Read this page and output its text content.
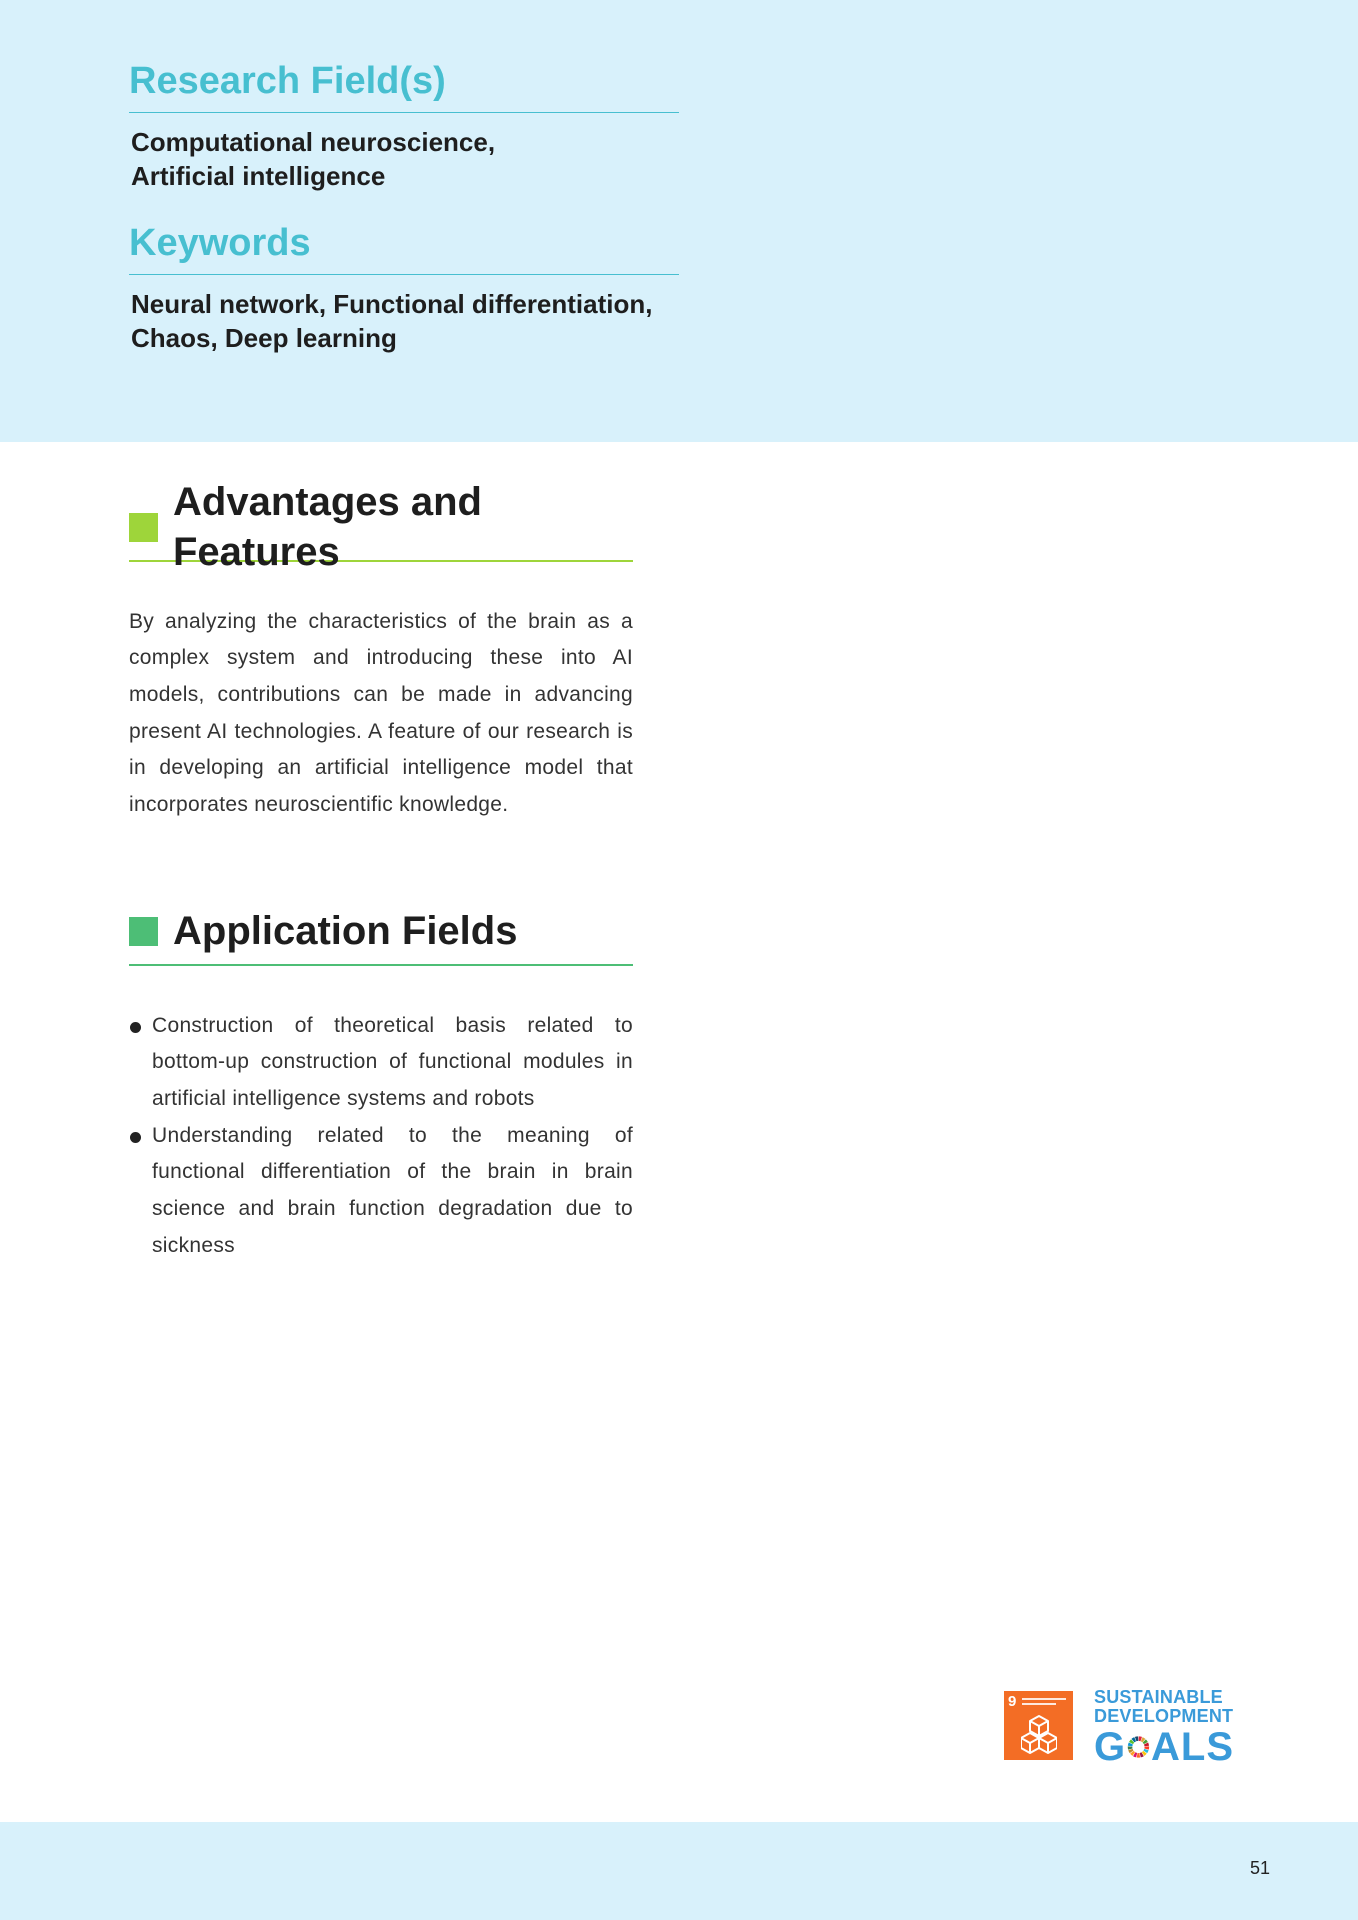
Research Field(s)
Computational neuroscience,
Artificial intelligence
Keywords
Neural network, Functional differentiation,
Chaos, Deep learning
Advantages and Features
By analyzing the characteristics of the brain as a complex system and introducing these into AI models, contributions can be made in advancing present AI technologies. A feature of our research is in developing an artificial intelligence model that incorporates neuroscientific knowledge.
Application Fields
Construction of theoretical basis related to bottom-up construction of functional modules in artificial intelligence systems and robots
Understanding related to the meaning of functional differentiation of the brain in brain science and brain function degradation due to sickness
9	SUSTAINABLE
DEVELOPMENT
G ALS
51
